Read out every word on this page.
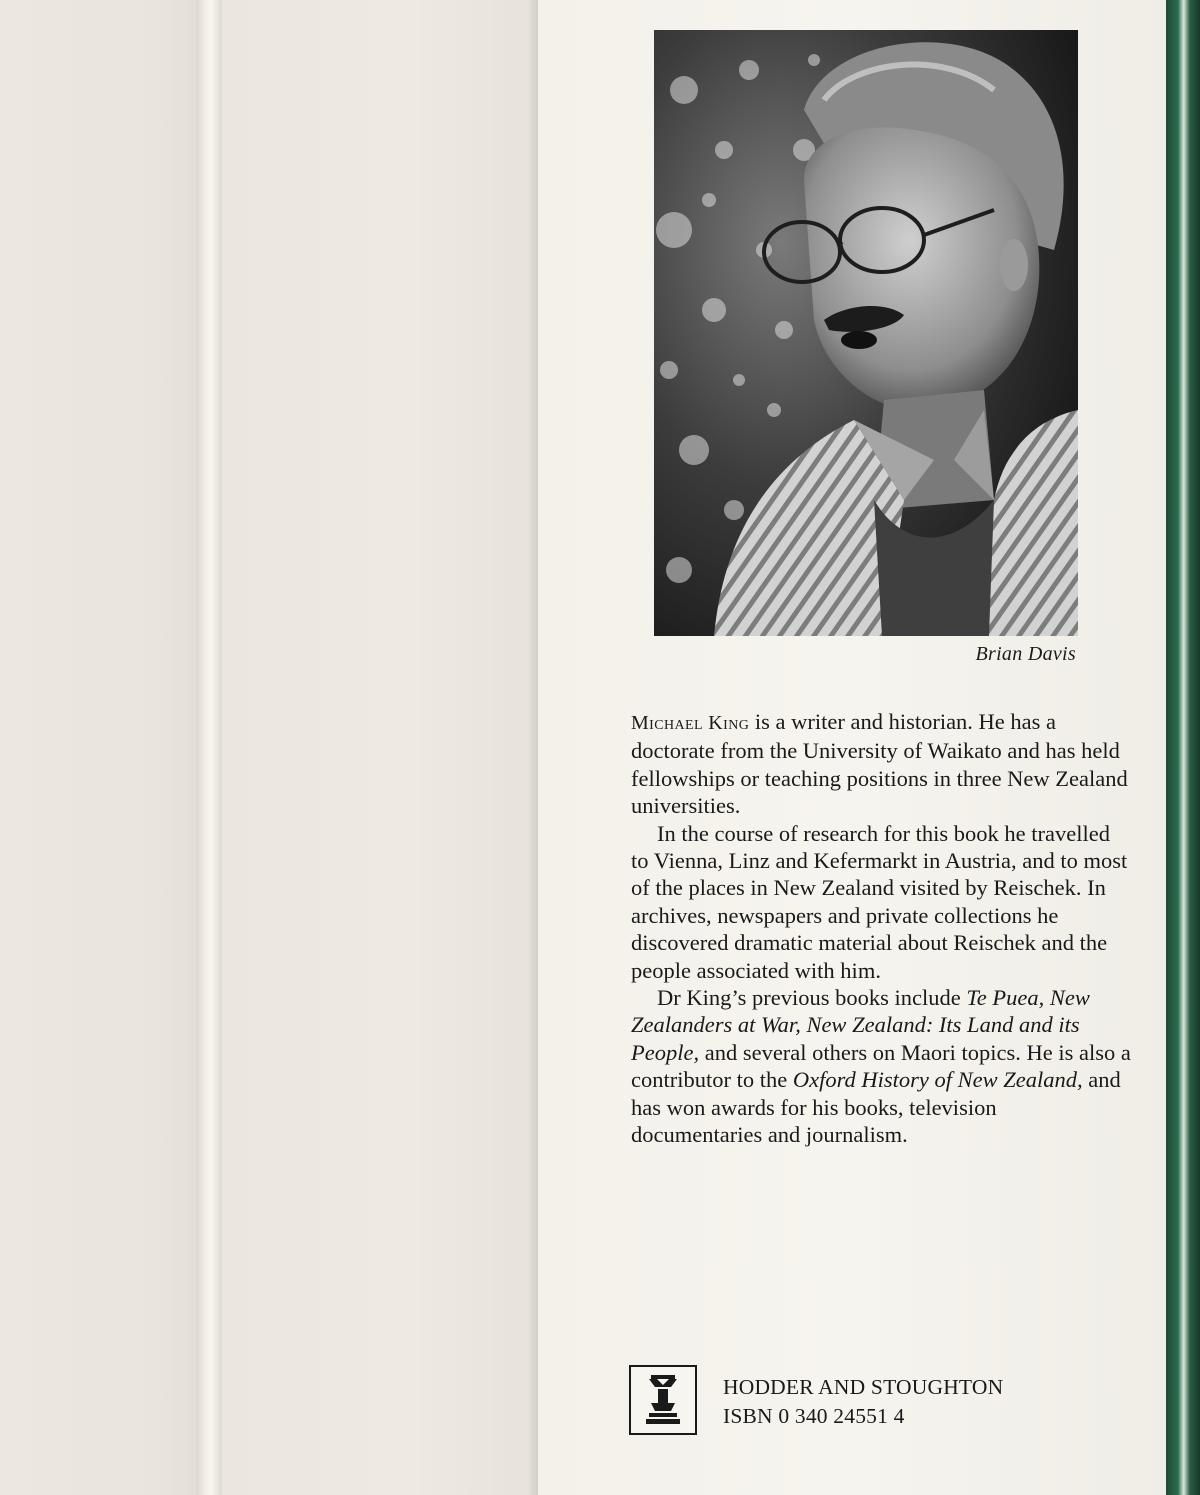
Brian Davis

Michael King is a writer and historian. He has a doctorate from the University of Waikato and has held fellowships or teaching positions in three New Zealand universities.

In the course of research for this book he travelled to Vienna, Linz and Kefermarkt in Austria, and to most of the places in New Zealand visited by Reischek. In archives, newspapers and private collections he discovered dramatic material about Reischek and the people associated with him.

Dr King’s previous books include Te Puea, New Zealanders at War, New Zealand: Its Land and its People, and several others on Maori topics. He is also a contributor to the Oxford History of New Zealand, and has won awards for his books, television documentaries and journalism.

HODDER AND STOUGHTON
ISBN 0 340 24551 4
